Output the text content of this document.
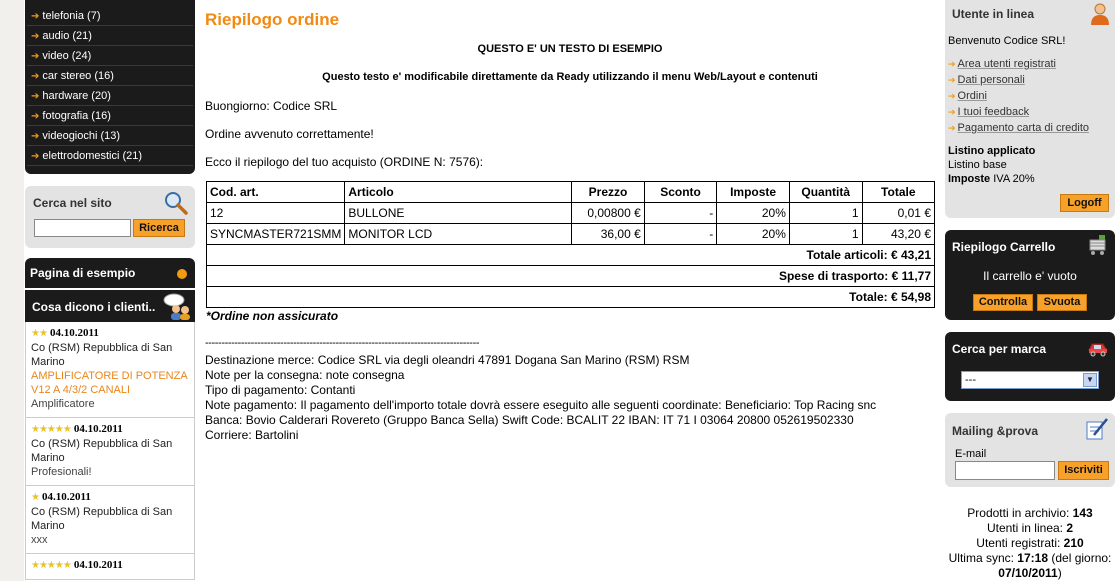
➔ telefonia (7)
➔ audio (21)
➔ video (24)
➔ car stereo (16)
➔ hardware (20)
➔ fotografia (16)
➔ videogiochi (13)
➔ elettrodomestici (21)
Cerca nel sito
Ricerca
Pagina di esempio
Cosa dicono i clienti..
★★ 04.10.2011
Co (RSM) Repubblica di San Marino
AMPLIFICATORE DI POTENZA V12 A 4/3/2 CANALI
Amplificatore
★★★★★ 04.10.2011
Co (RSM) Repubblica di San Marino
Profesionali!
★ 04.10.2011
Co (RSM) Repubblica di San Marino
xxx
★★★★★ 04.10.2011
Riepilogo ordine
QUESTO E' UN TESTO DI ESEMPIO
Questo testo e' modificabile direttamente da Ready utilizzando il menu Web/Layout e contenuti
Buongiorno: Codice SRL
Ordine avvenuto correttamente!
Ecco il riepilogo del tuo acquisto (ORDINE N: 7576):
Cod. art.	Articolo	Prezzo	Sconto	Imposte	Quantità	Totale
12	BULLONE	0,00800 €	-	20%	1	0,01 €
SYNCMASTER721SMM	MONITOR LCD	36,00 €	-	20%	1	43,20 €
Totale articoli: € 43,21						
Spese di trasporto: € 11,77						
Totale: € 54,98						
*Ordine non assicurato
------------------------------------------------------------------------------------
Destinazione merce: Codice SRL via degli oleandri 47891 Dogana San Marino (RSM) RSM
Note per la consegna: note consegna
Tipo di pagamento: Contanti
Note pagamento: Il pagamento dell'importo totale dovrà essere eseguito alle seguenti coordinate: Beneficiario: Top Racing snc
Banca: Bovio Calderari Rovereto (Gruppo Banca Sella) Swift Code: BCALIT 22 IBAN: IT 71 I 03064 20800 052619502330
Corriere: Bartolini
Utente in linea
Benvenuto Codice SRL!
➔ Area utenti registrati
➔ Dati personali
➔ Ordini
➔ I tuoi feedback
➔ Pagamento carta di credito
Listino applicato
Listino base
Imposte IVA 20%
Logoff
Riepilogo Carrello
Il carrello e' vuoto
Controlla	Svuota
Cerca per marca
---	▼
Mailing &prova
E-mail
Iscriviti
Prodotti in archivio: 143
Utenti in linea: 2
Utenti registrati: 210
Ultima sync: 17:18 (del giorno:
07/10/2011)
